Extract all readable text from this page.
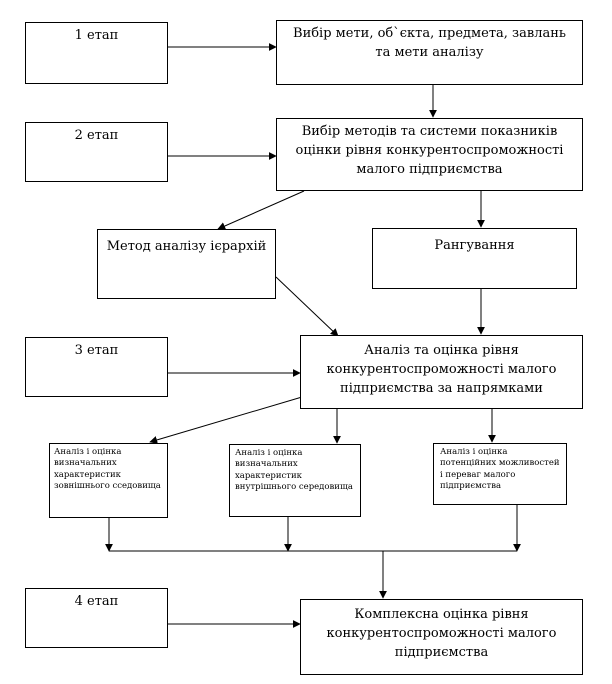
1 етап	Вибір мети, об`єкта, предмета, завлань та мети аналізу
2 етап	Вибір методів та системи показників оцінки рівня конкурентоспроможності малого підприємства
Метод аналізу ієрархій	Рангування
3 етап	Аналіз та оцінка рівня конкурентоспроможності малого підприємства за напрямками
Аналіз і оцінка визначальних характеристик зовнішнього сседовища
Аналіз і оцінка визначальних характеристик внутрішнього середовища
Аналіз і оцінка потенційних можливостей і переваг малого підприємства
4 етап
Комплексна оцінка рівня конкурентоспроможності малого підприємства
